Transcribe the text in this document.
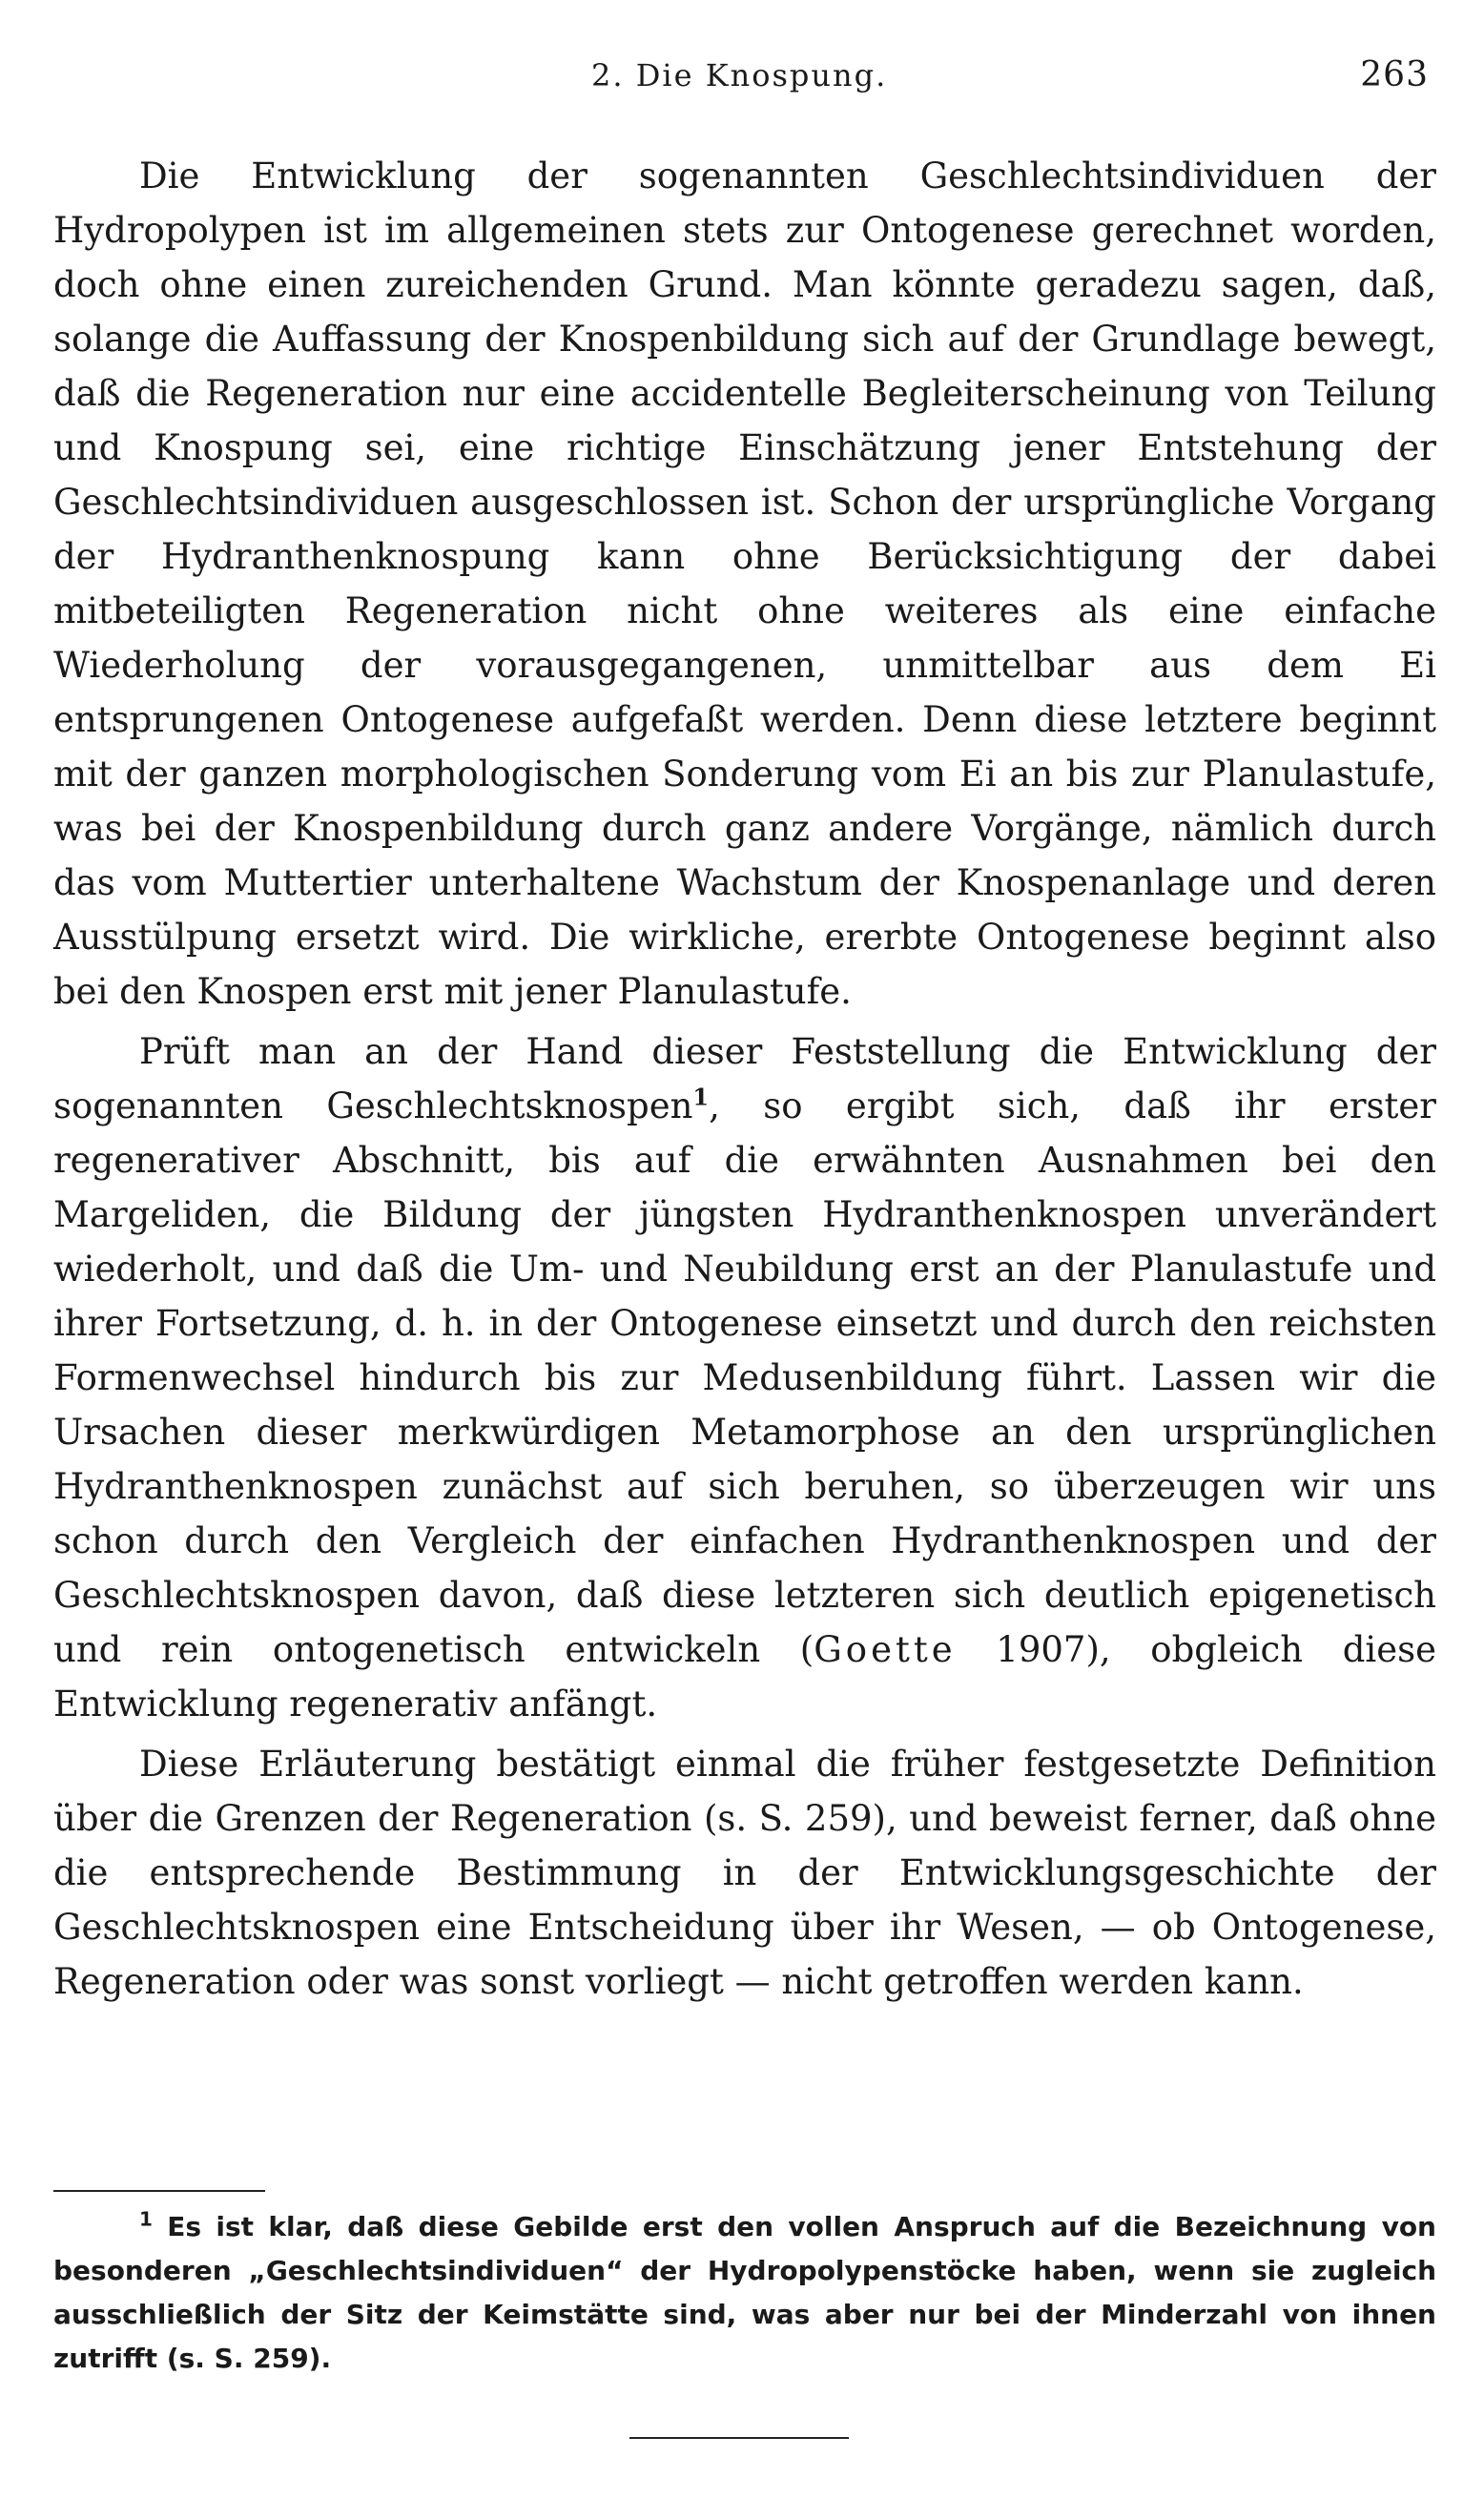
2. Die Knospung.	263

Die Entwicklung der sogenannten Geschlechtsindividuen der Hydropolypen ist im allgemeinen stets zur Ontogenese gerechnet worden, doch ohne einen zureichenden Grund. Man könnte geradezu sagen, daß, solange die Auffassung der Knospenbildung sich auf der Grundlage bewegt, daß die Regeneration nur eine accidentelle Begleiterscheinung von Teilung und Knospung sei, eine richtige Einschätzung jener Entstehung der Geschlechtsindividuen ausgeschlossen ist. Schon der ursprüngliche Vorgang der Hydranthenknospung kann ohne Berücksichtigung der dabei mitbeteiligten Regeneration nicht ohne weiteres als eine einfache Wiederholung der vorausgegangenen, unmittelbar aus dem Ei entsprungenen Ontogenese aufgefaßt werden. Denn diese letztere beginnt mit der ganzen morphologischen Sonderung vom Ei an bis zur Planulastufe, was bei der Knospenbildung durch ganz andere Vorgänge, nämlich durch das vom Muttertier unterhaltene Wachstum der Knospenanlage und deren Ausstülpung ersetzt wird. Die wirkliche, ererbte Ontogenese beginnt also bei den Knospen erst mit jener Planulastufe.

Prüft man an der Hand dieser Feststellung die Entwicklung der sogenannten Geschlechtsknospen$^1$, so ergibt sich, daß ihr erster regenerativer Abschnitt, bis auf die erwähnten Ausnahmen bei den Margeliden, die Bildung der jüngsten Hydranthenknospen unverändert wiederholt, und daß die Um- und Neubildung erst an der Planulastufe und ihrer Fortsetzung, d. h. in der Ontogenese einsetzt und durch den reichsten Formenwechsel hindurch bis zur Medusenbildung führt. Lassen wir die Ursachen dieser merkwürdigen Metamorphose an den ursprünglichen Hydranthenknospen zunächst auf sich beruhen, so überzeugen wir uns schon durch den Vergleich der einfachen Hydranthenknospen und der Geschlechtsknospen davon, daß diese letzteren sich deutlich epigenetisch und rein ontogenetisch entwickeln (Goette 1907), obgleich diese Entwicklung regenerativ anfängt.

Diese Erläuterung bestätigt einmal die früher festgesetzte Definition über die Grenzen der Regeneration (s. S. 259), und beweist ferner, daß ohne die entsprechende Bestimmung in der Entwicklungsgeschichte der Geschlechtsknospen eine Entscheidung über ihr Wesen, — ob Ontogenese, Regeneration oder was sonst vorliegt — nicht getroffen werden kann.

$^1$ Es ist klar, daß diese Gebilde erst den vollen Anspruch auf die Bezeichnung von besonderen „Geschlechtsindividuen“ der Hydropolypenstöcke haben, wenn sie zugleich ausschließlich der Sitz der Keimstätte sind, was aber nur bei der Minderzahl von ihnen zutrifft (s. S. 259).
